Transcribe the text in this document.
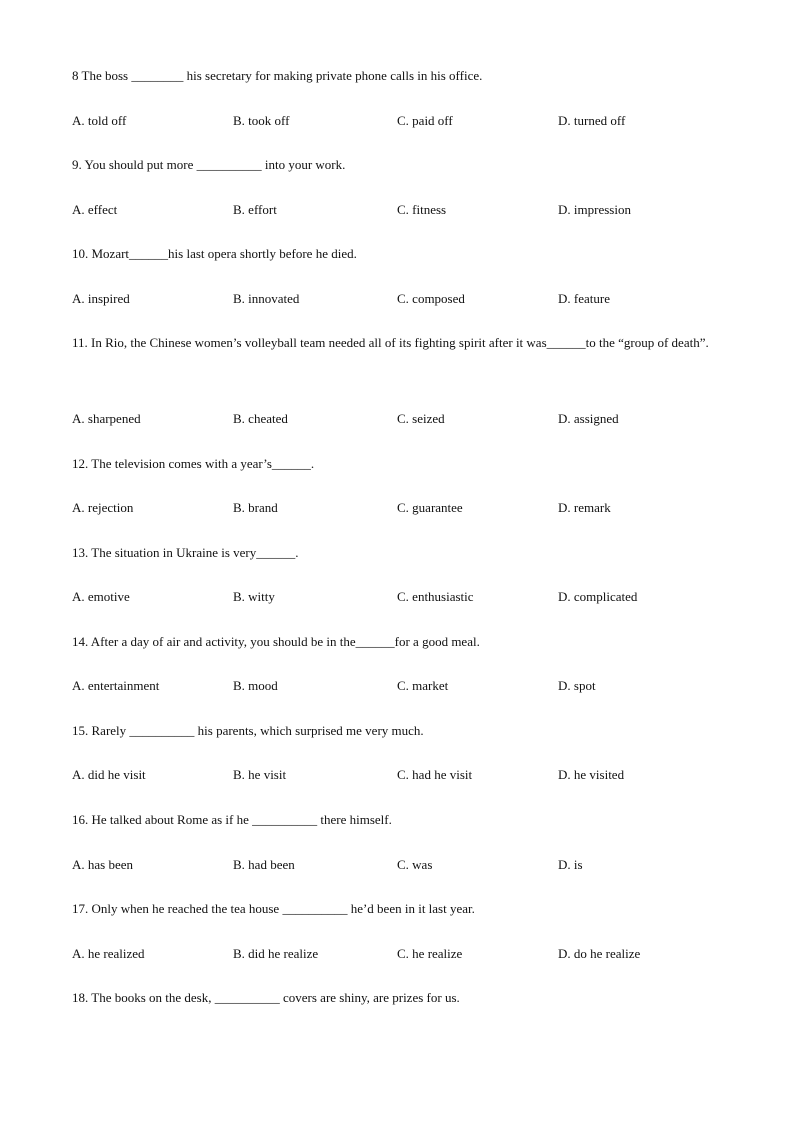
8 The boss ________ his secretary for making private phone calls in his office.
A. told off	B. took off	C. paid off	D. turned off
9. You should put more __________ into your work.
A. effect	B. effort	C. fitness	D. impression
10. Mozart______his last opera shortly before he died.
A. inspired	B. innovated	C. composed	D. feature
11. In Rio, the Chinese women’s volleyball team needed all of its fighting spirit after it was______to the “group of death”.
A. sharpened	B. cheated	C. seized	D. assigned
12. The television comes with a year’s______.
A. rejection	B. brand	C. guarantee	D. remark
13. The situation in Ukraine is very______.
A. emotive	B. witty	C. enthusiastic	D. complicated
14. After a day of air and activity, you should be in the______for a good meal.
A. entertainment	B. mood	C. market	D. spot
15. Rarely __________ his parents, which surprised me very much.
A. did he visit	B. he visit	C. had he visit	D. he visited
16. He talked about Rome as if he __________ there himself.
A. has been	B. had been	C. was	D. is
17. Only when he reached the tea house __________ he’d been in it last year.
A. he realized	B. did he realize	C. he realize	D. do he realize
18. The books on the desk, __________ covers are shiny, are prizes for us.
